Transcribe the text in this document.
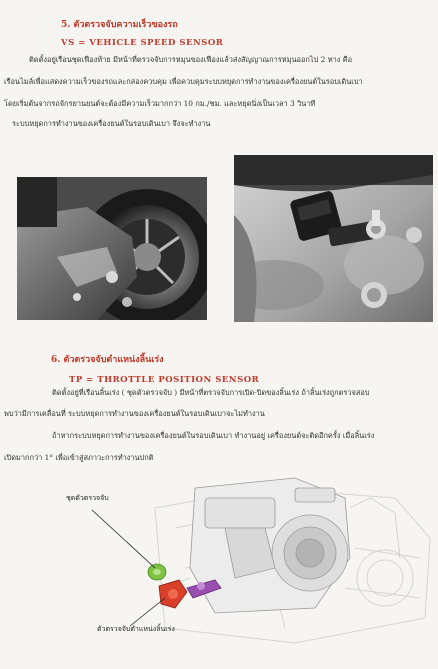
5. ตัวตรวจจับความเร็วของรถ
VS = VEHICLE SPEED SENSOR
ติดตั้งอยู่เรือนชุดเฟืองท้าย มีหน้าที่ตรวจจับการหมุนของเฟืองแล้วส่งสัญญาณการหมุนออกไป 2 ทาง คือ
เรือนไมล์เพื่อแสดงความเร็วของรถและกล่องควบคุม เพื่อควบคุมระบบหยุดการทำงานของเครื่องยนต์ในรอบเดินเบา
โดยเริ่มต้นจากรถจักรยานยนต์จะต้องมีความเร็วมากกว่า 10 กม./ชม. และหยุดนิ่งเป็นเวลา 3 วินาที
ระบบหยุดการทำงานของเครื่องยนต์ในรอบเดินเบา จึงจะทำงาน
6. ตัวตรวจจับตำแหน่งลิ้นเร่ง
TP = THROTTLE POSITION SENSOR
ติดตั้งอยู่ที่เรือนลิ้นเร่ง ( ชุดตัวตรวจจับ ) มีหน้าที่ตรวจจับการเปิด-ปิดของลิ้นเร่ง ถ้าลิ้นเร่งถูกตรวจสอบ
พบว่ามีการเคลื่อนที่ ระบบหยุดการทำงานของเครื่องยนต์ในรอบเดินเบาจะไม่ทำงาน
ถ้าหากระบบหยุดการทำงานของเครื่องยนต์ในรอบเดินเบา ทำงานอยู่ เครื่องยนต์จะติดอีกครั้ง เมื่อลิ้นเร่ง
เปิดมากกว่า 1° เพื่อเข้าสู่สภาวะการทำงานปกติ
ชุดตัวตรวจจับ
ตัวตรวจจับตำแหน่งลิ้นเร่ง
